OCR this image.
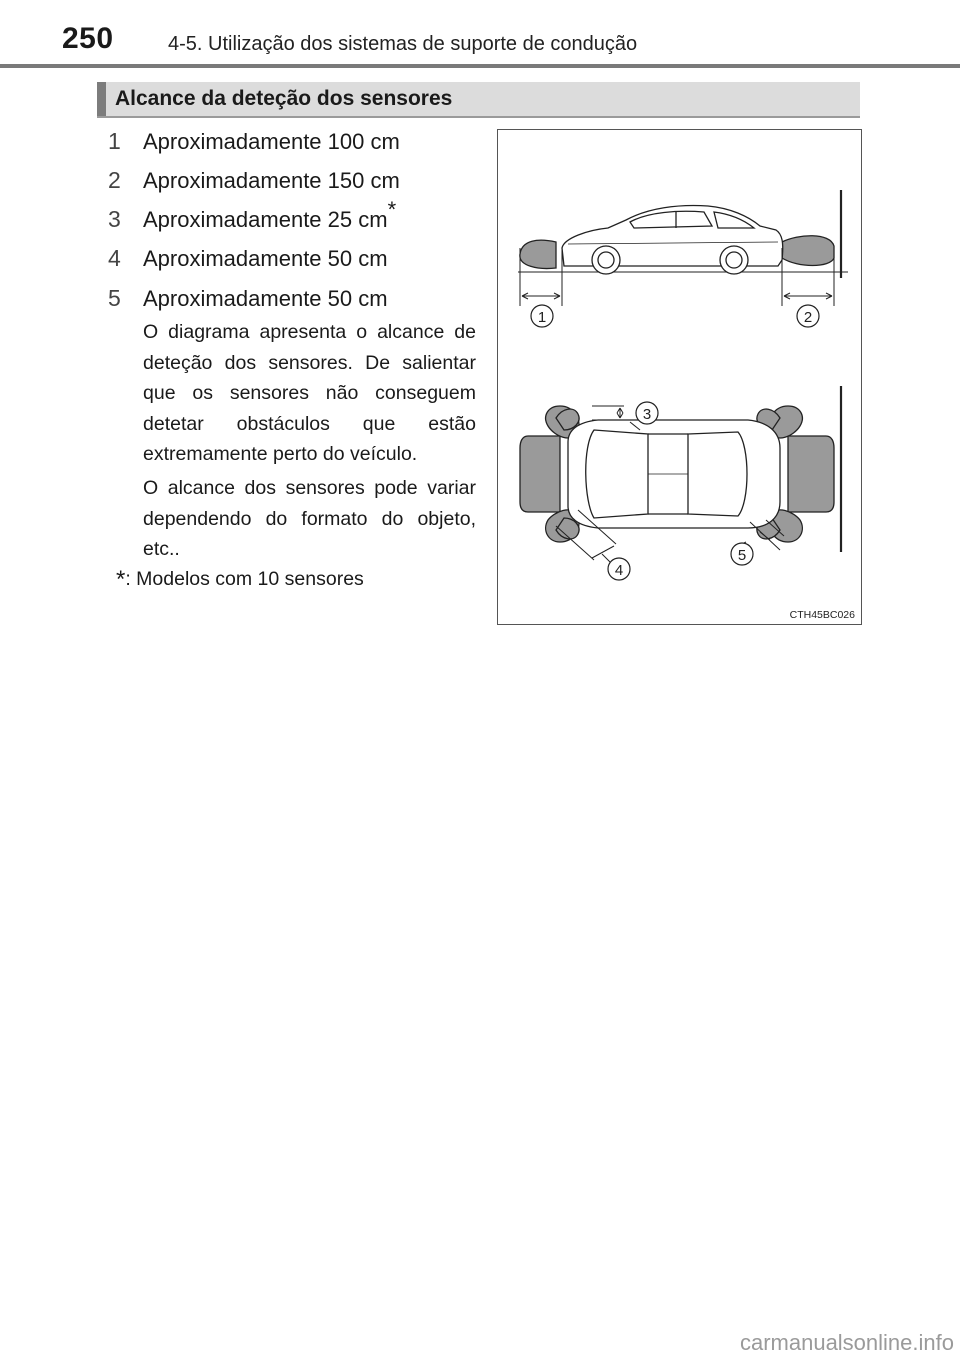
250	4-5. Utilização dos sistemas de suporte de condução
Alcance da deteção dos sensores
1 Aproximadamente 100 cm
2 Aproximadamente 150 cm
3 Aproximadamente 25 cm*
4 Aproximadamente 50 cm
5 Aproximadamente 50 cm
O diagrama apresenta o alcance de deteção dos sensores. De salientar que os sensores não conseguem detetar obstáculos que estão extremamente perto do veículo.
O alcance dos sensores pode variar dependendo do formato do objeto, etc..
*: Modelos com 10 sensores
1	2
3
4
5
CTH45BC026
carmanualsonline.info
